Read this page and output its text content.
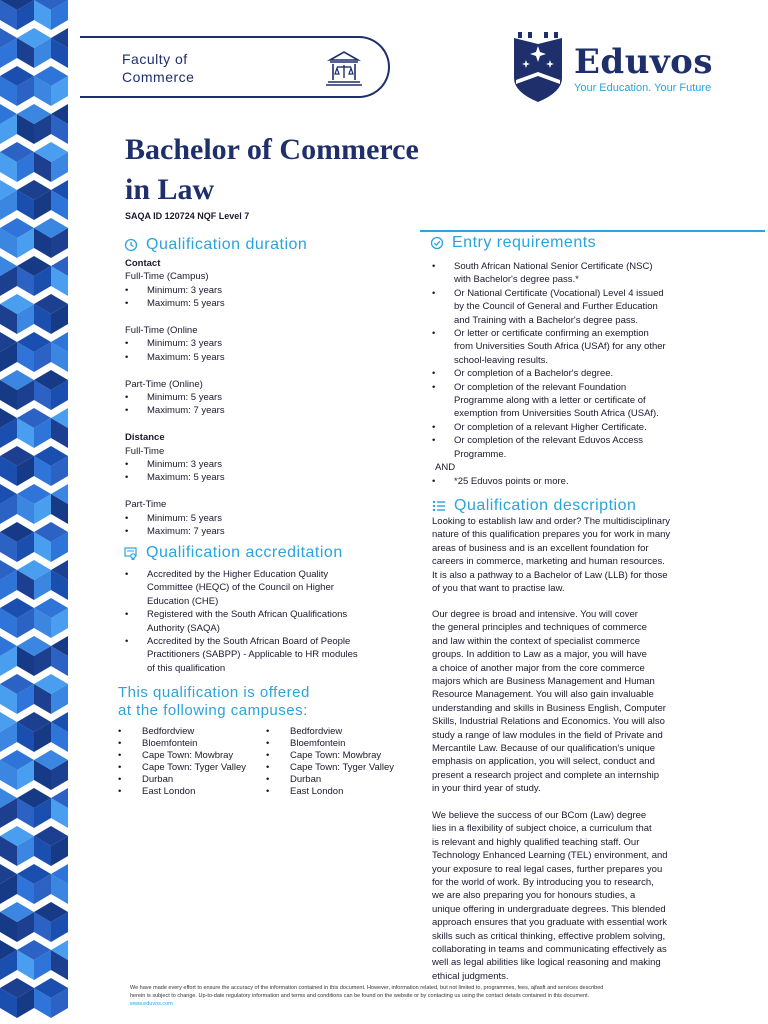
Faculty of
Commerce	Eduvos
Your Education. Your Future
Bachelor of Commerce
in Law
SAQA ID 120724 NQF Level 7
Qualification duration
Contact
Full-Time (Campus)
• Minimum: 3 years
• Maximum: 5 years
Full-Time (Online
• Minimum: 3 years
• Maximum: 5 years
Part-Time (Online)
• Minimum: 5 years
• Maximum: 7 years
Distance
Full-Time
• Minimum: 3 years
• Maximum: 5 years
Part-Time
• Minimum: 5 years
• Maximum: 7 years
Qualification accreditation
• Accredited by the Higher Education Quality
Committee (HEQC) of the Council on Higher
Education (CHE)
• Registered with the South African Qualifications
Authority (SAQA)
• Accredited by the South African Board of People
Practitioners (SABPP) - Applicable to HR modules
of this qualification
This qualification is offered
at the following campuses:
• Bedfordview
• Bloemfontein
• Cape Town: Mowbray
• Cape Town: Tyger Valley
• Durban
• East London
• Bedfordview
• Bloemfontein
• Cape Town: Mowbray
• Cape Town: Tyger Valley
• Durban
• East London
Entry requirements
• South African National Senior Certificate (NSC)
with Bachelor's degree pass.*
• Or National Certificate (Vocational) Level 4 issued
by the Council of General and Further Education
and Training with a Bachelor's degree pass.
• Or letter or certificate confirming an exemption
from Universities South Africa (USAf) for any other
school-leaving results.
• Or completion of a Bachelor's degree.
• Or completion of the relevant Foundation
Programme along with a letter or certificate of
exemption from Universities South Africa (USAf).
• Or completion of a relevant Higher Certificate.
• Or completion of the relevant Eduvos Access
Programme.
AND
• *25 Eduvos points or more.
Qualification description
Looking to establish law and order? The multidisciplinary
nature of this qualification prepares you for work in many
areas of business and is an excellent foundation for
careers in commerce, marketing and human resources.
It is also a pathway to a Bachelor of Law (LLB) for those
of you that want to practise law.
Our degree is broad and intensive. You will cover
the general principles and techniques of commerce
and law within the context of specialist commerce
groups. In addition to Law as a major, you will have
a choice of another major from the core commerce
majors which are Business Management and Human
Resource Management. You will also gain invaluable
understanding and skills in Business English, Computer
Skills, Industrial Relations and Economics. You will also
study a range of law modules in the field of Private and
Mercantile Law. Because of our qualification's unique
emphasis on application, you will select, conduct and
present a research project and complete an internship
in your third year of study.
We believe the success of our BCom (Law) degree
lies in a flexibility of subject choice, a curriculum that
is relevant and highly qualified teaching staff. Our
Technology Enhanced Learning (TEL) environment, and
your exposure to real legal cases, further prepares you
for the world of work. By introducing you to research,
we are also preparing you for honours studies, a
unique offering in undergraduate degrees. This blended
approach ensures that you graduate with essential work
skills such as critical thinking, effective problem solving,
collaborating in teams and communicating effectively as
well as legal abilities like logical reasoning and making
ethical judgments.
We have made every effort to ensure the accuracy of the information contained in this document. However, information related, but not limited to, programmes, fees, ajfasft and services described
herein is subject to change. Up-to-date regulatory information and terms and conditions can be found on the website or by contacting us using the contact details contained in this document.
www.eduvos.com
